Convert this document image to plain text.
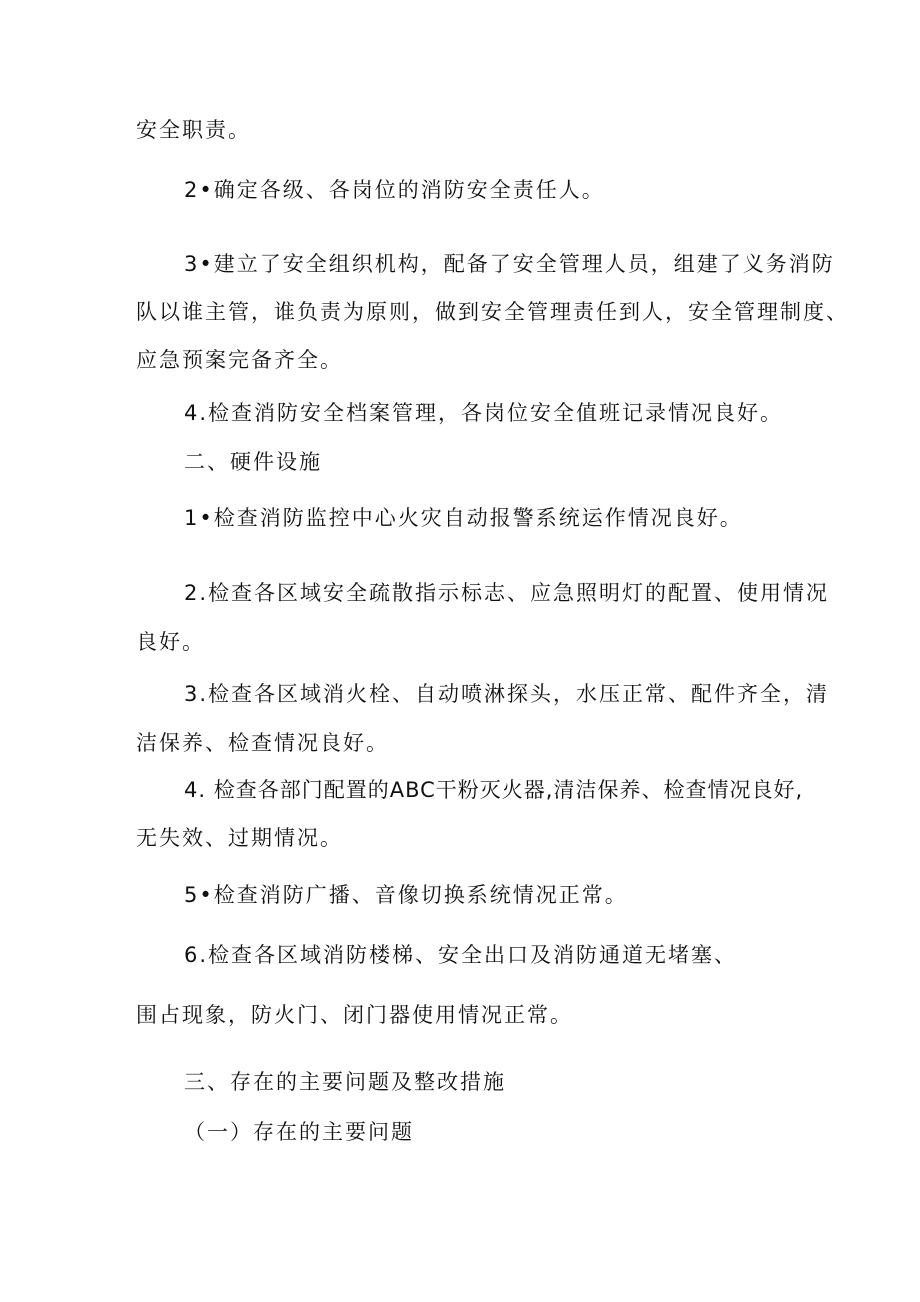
安全职责。

2•确定各级、各岗位的消防安全责任人。

3•建立了安全组织机构，配备了安全管理人员，组建了义务消防

队以谁主管，谁负责为原则，做到安全管理责任到人，安全管理制度、

应急预案完备齐全。

4.检查消防安全档案管理，各岗位安全值班记录情况良好。

二、硬件设施

1•检查消防监控中心火灾自动报警系统运作情况良好。

2.检查各区域安全疏散指示标志、应急照明灯的配置、使用情况

良好。

3.检查各区域消火栓、自动喷淋探头，水压正常、配件齐全，清

洁保养、检查情况良好。

4. 检查各部门配置的ABC干粉灭火器,清洁保养、检查情况良好,

无失效、过期情况。

5•检查消防广播、音像切换系统情况正常。

6.检查各区域消防楼梯、安全出口及消防通道无堵塞、

围占现象，防火门、闭门器使用情况正常。

三、存在的主要问题及整改措施

（一）存在的主要问题
